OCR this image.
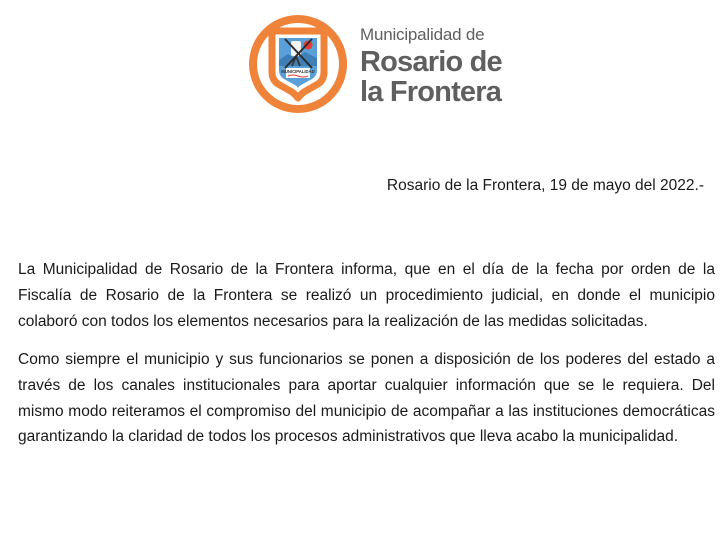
MUNICIPALIDAD
Municipalidad de
Rosario de
la Frontera
Rosario de la Frontera, 19 de mayo del 2022.-

La Municipalidad de Rosario de la Frontera informa, que en el día de la fecha por orden de la Fiscalía de Rosario de la Frontera se realizó un procedimiento judicial, en donde el municipio colaboró con todos los elementos necesarios para la realización de las medidas solicitadas.

Como siempre el municipio y sus funcionarios se ponen a disposición de los poderes del estado a través de los canales institucionales para aportar cualquier información que se le requiera. Del mismo modo reiteramos el compromiso del municipio de acompañar a las instituciones democráticas garantizando la claridad de todos los procesos administrativos que lleva acabo la municipalidad.
